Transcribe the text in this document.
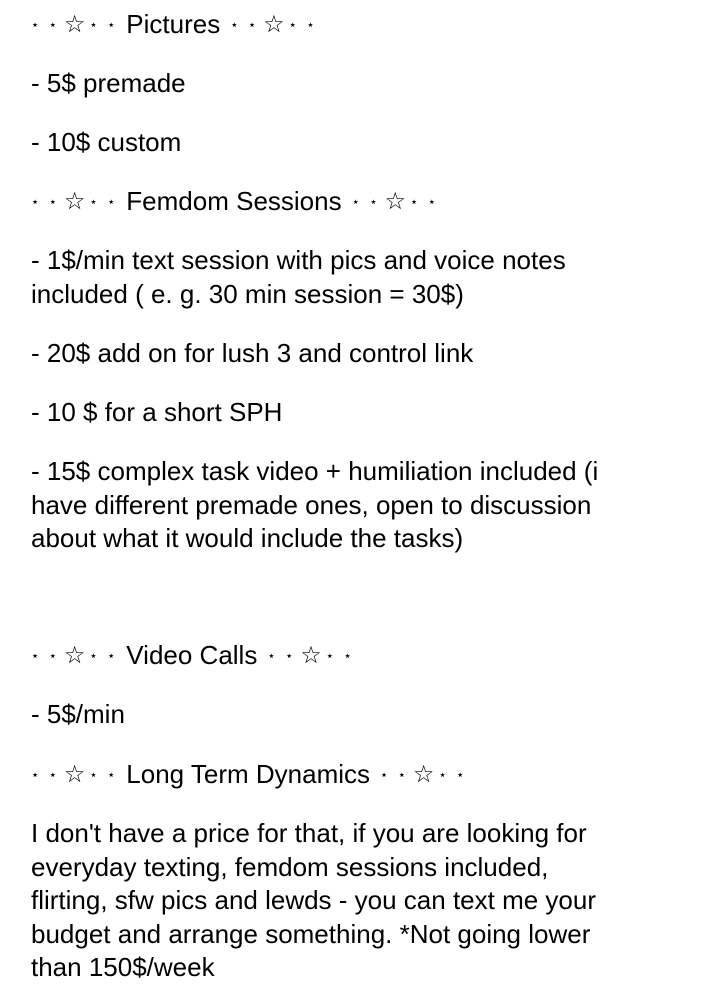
⋆ ⋆ ☆ ⋆ ⋆ Pictures ⋆ ⋆ ☆ ⋆ ⋆
- 5$ premade
- 10$ custom
⋆ ⋆ ☆ ⋆ ⋆ Femdom Sessions ⋆ ⋆ ☆ ⋆ ⋆
- 1$/min text session with pics and voice notes
included ( e. g. 30 min session = 30$)
- 20$ add on for lush 3 and control link
- 10 $ for a short SPH
- 15$ complex task video + humiliation included (i
have different premade ones, open to discussion
about what it would include the tasks)
⋆ ⋆ ☆ ⋆ ⋆ Video Calls ⋆ ⋆ ☆ ⋆ ⋆
- 5$/min
⋆ ⋆ ☆ ⋆ ⋆ Long Term Dynamics ⋆ ⋆ ☆ ⋆ ⋆
I don't have a price for that, if you are looking for
everyday texting, femdom sessions included,
flirting, sfw pics and lewds - you can text me your
budget and arrange something. *Not going lower
than 150$/week
